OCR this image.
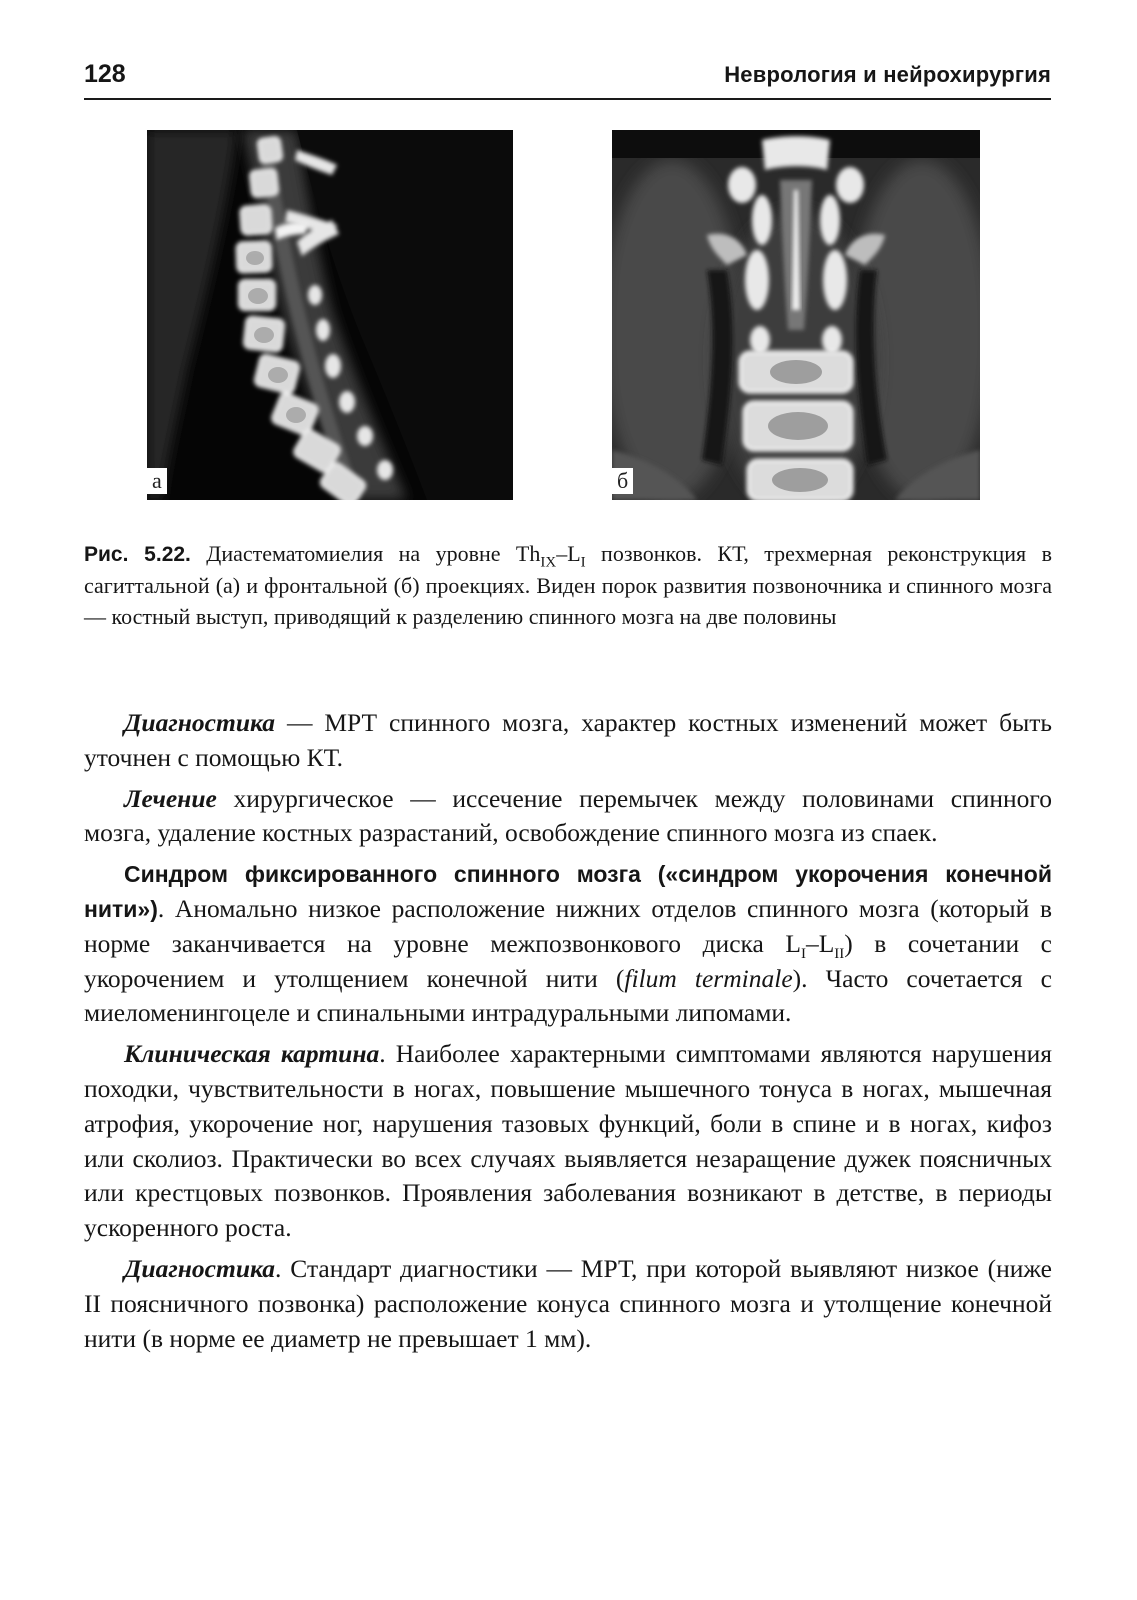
128	Неврология и нейрохирургия
а	б
Рис. 5.22. Диастематомиелия на уровне $Th_{IX}-L_I$ позвонков. КТ, трехмерная реконструкция в сагиттальной (а) и фронтальной (б) проекциях. Виден порок развития позвоночника и спинного мозга — костный выступ, приводящий к разделению спинного мозга на две половины

Диагностика — МРТ спинного мозга, характер костных изменений может быть уточнен с помощью КТ.

Лечение хирургическое — иссечение перемычек между половинами спинного мозга, удаление костных разрастаний, освобождение спинного мозга из спаек.

Синдром фиксированного спинного мозга («синдром укорочения конечной нити»). Аномально низкое расположение нижних отделов спинного мозга (который в норме заканчивается на уровне межпозвонкового диска $L_I-L_{II}$) в сочетании с укорочением и утолщением конечной нити (filum terminale). Часто сочетается с миеломенингоцеле и спинальными интрадуральными липомами.

Клиническая картина. Наиболее характерными симптомами являются нарушения походки, чувствительности в ногах, повышение мышечного тонуса в ногах, мышечная атрофия, укорочение ног, нарушения тазовых функций, боли в спине и в ногах, кифоз или сколиоз. Практически во всех случаях выявляется незаращение дужек поясничных или крестцовых позвонков. Проявления заболевания возникают в детстве, в периоды ускоренного роста.

Диагностика. Стандарт диагностики — МРТ, при которой выявляют низкое (ниже II поясничного позвонка) расположение конуса спинного мозга и утолщение конечной нити (в норме ее диаметр не превышает 1 мм).
